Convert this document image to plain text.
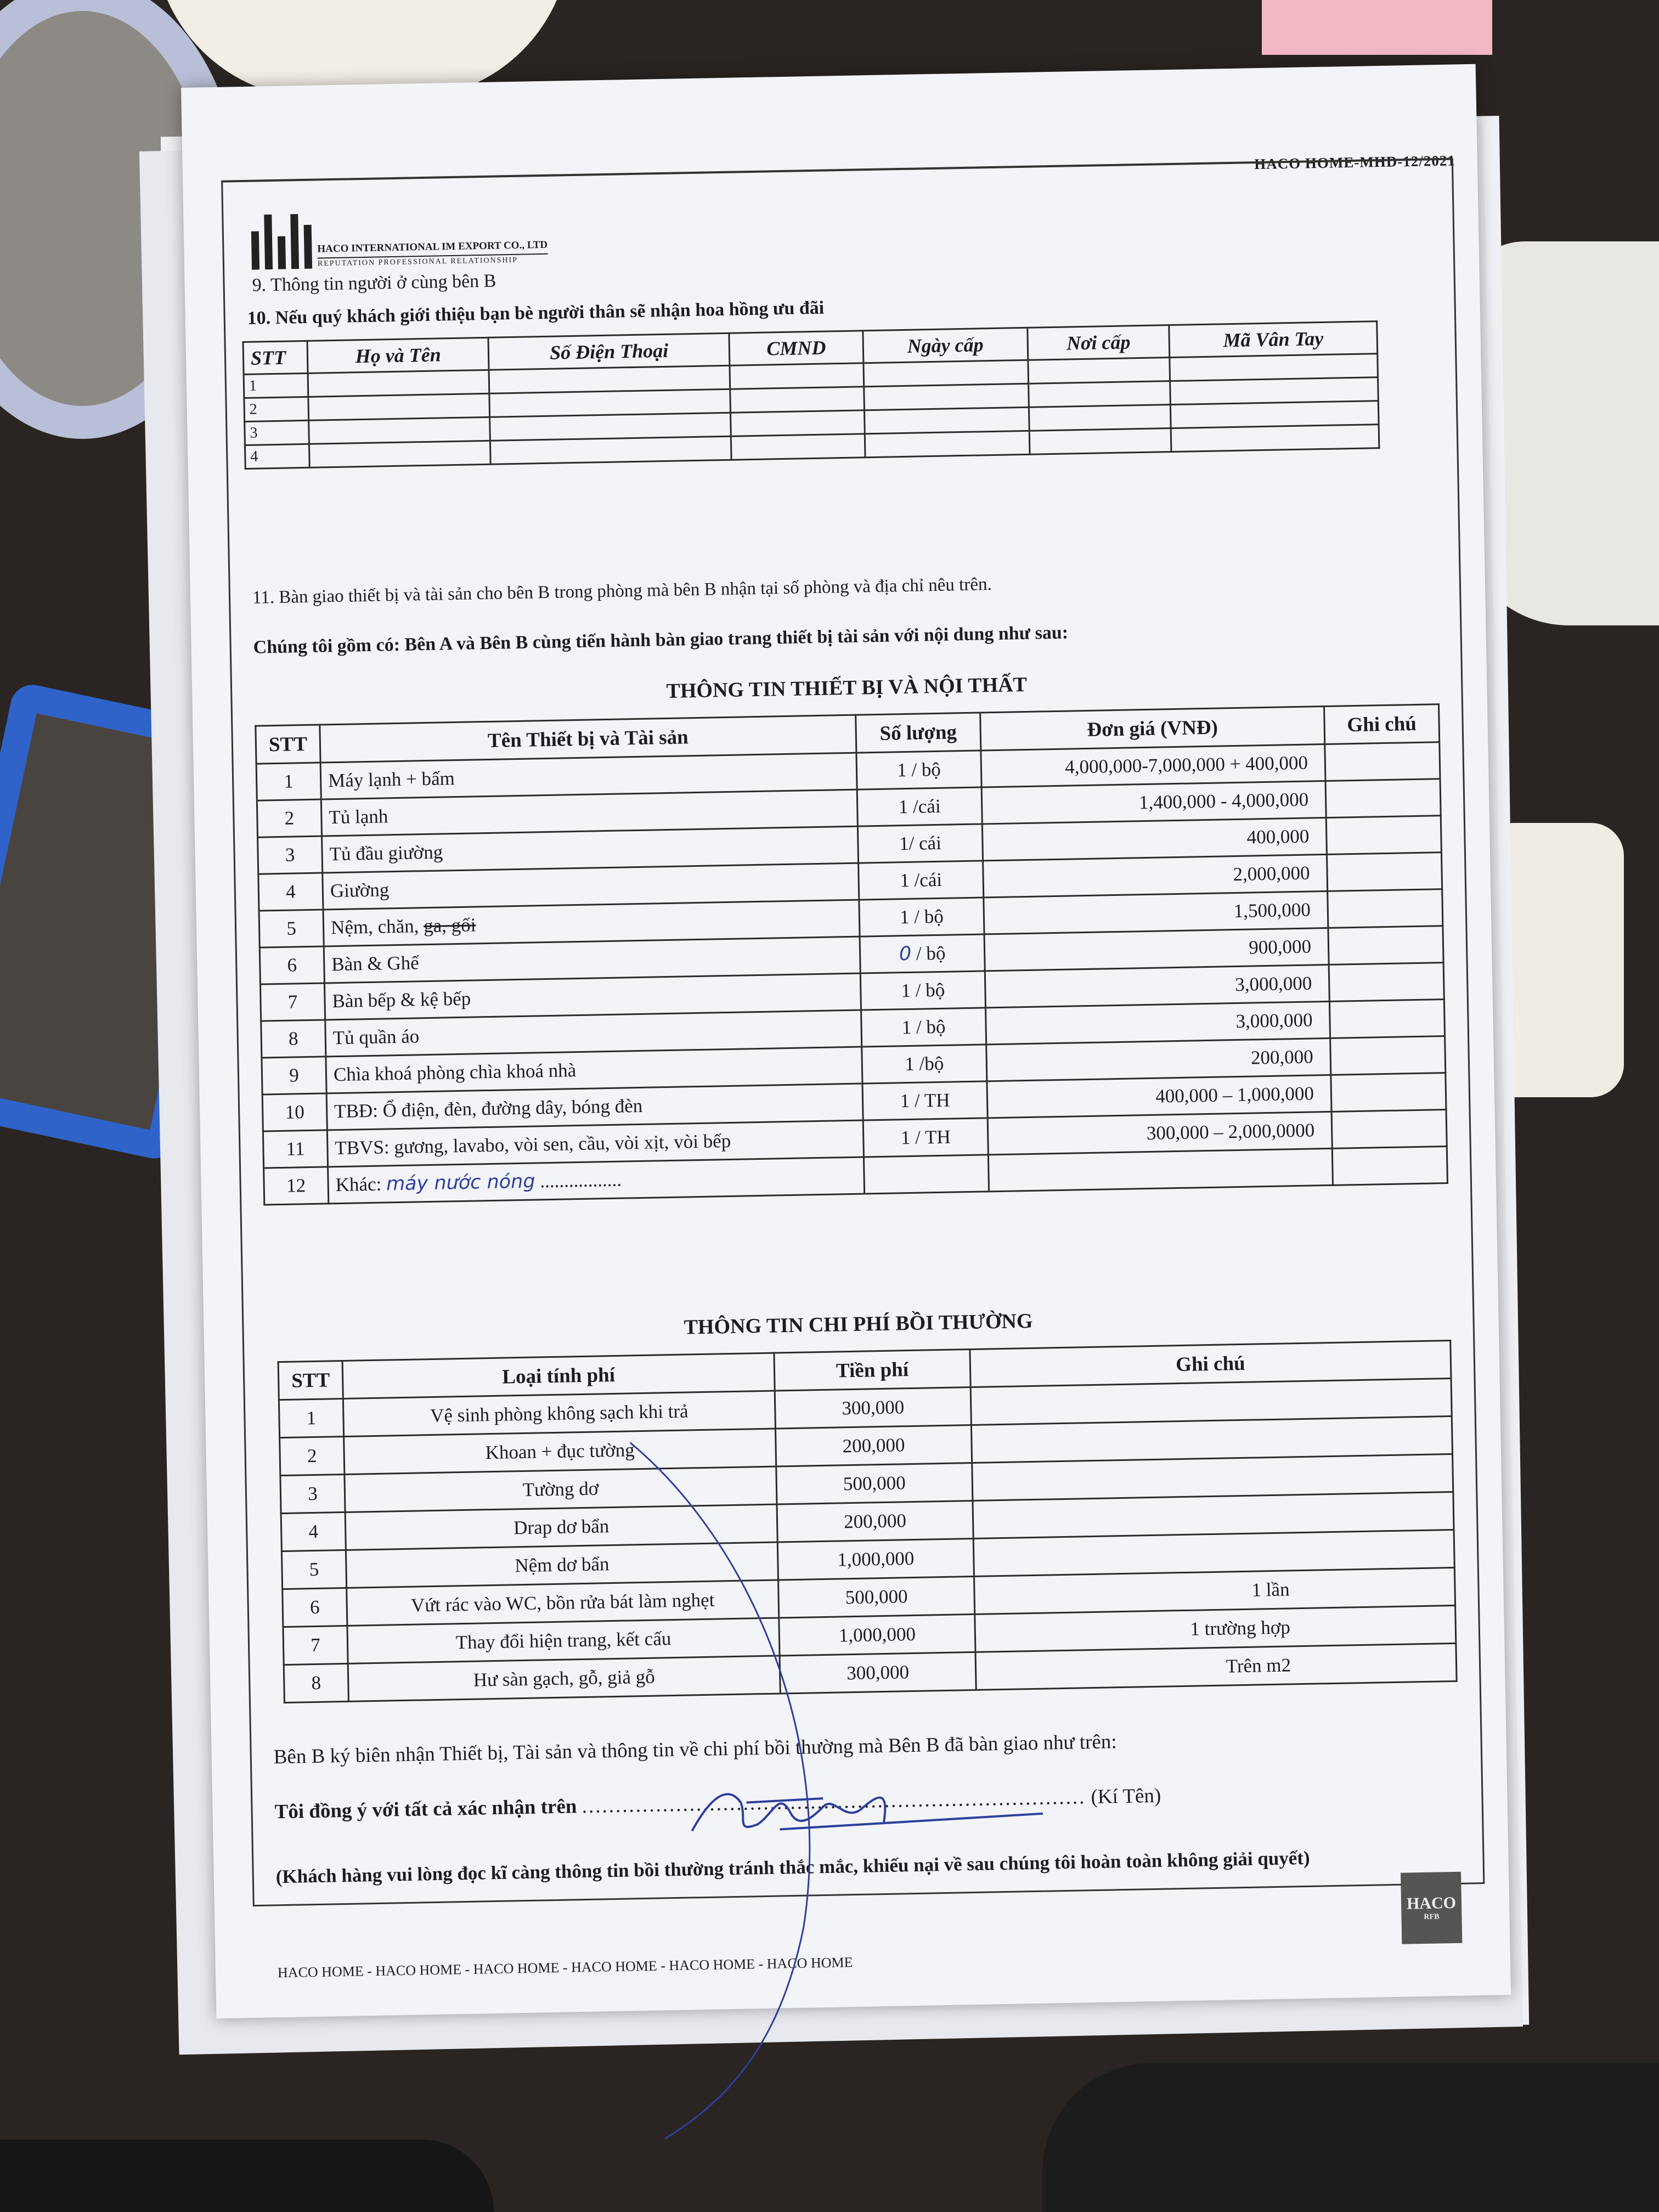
HACO HOME-MHD-12/2021
HACO INTERNATIONAL IM EXPORT CO., LTD
REPUTATION PROFESSIONAL RELATIONSHIP
9. Thông tin người ở cùng bên B
10. Nếu quý khách giới thiệu bạn bè người thân sẽ nhận hoa hồng ưu đãi
STT	Họ và Tên	Số Điện Thoại	CMND	Ngày cấp	Nơi cấp	Mã Vân Tay
1						
2						
3						
4						
11. Bàn giao thiết bị và tài sản cho bên B trong phòng mà bên B nhận tại số phòng và địa chỉ nêu trên.
Chúng tôi gồm có: Bên A và Bên B cùng tiến hành bàn giao trang thiết bị tài sản với nội dung như sau:
THÔNG TIN THIẾT BỊ VÀ NỘI THẤT
STT	Tên Thiết bị và Tài sản	Số lượng	Đơn giá (VNĐ)	Ghi chú
1	Máy lạnh + bấm	1 / bộ	4,000,000-7,000,000 + 400,000	
2	Tủ lạnh	1 /cái	1,400,000 - 4,000,000	
3	Tủ đầu giường	1/ cái	400,000	
4	Giường	1 /cái	2,000,000	
5	Nệm, chăn, ga, gối	1 / bộ	1,500,000	
6	Bàn & Ghế	0 / bộ	900,000	
7	Bàn bếp & kệ bếp	1 / bộ	3,000,000	
8	Tủ quần áo	1 / bộ	3,000,000	
9	Chìa khoá phòng chìa khoá nhà	1 /bộ	200,000	
10	TBĐ: Ổ điện, đèn, đường dây, bóng đèn	1 / TH	400,000 – 1,000,000	
11	TBVS: gương, lavabo, vòi sen, cầu, vòi xịt, vòi bếp	1 / TH	300,000 – 2,000,0000	
12	Khác: máy nước nóng .................			
THÔNG TIN CHI PHÍ BỒI THƯỜNG
STT	Loại tính phí	Tiền phí	Ghi chú
1	Vệ sinh phòng không sạch khi trả	300,000	
2	Khoan + đục tường	200,000	
3	Tường dơ	500,000	
4	Drap dơ bẩn	200,000	
5	Nệm dơ bẩn	1,000,000	
6	Vứt rác vào WC, bồn rửa bát làm nghẹt	500,000	1 lần
7	Thay đổi hiện trang, kết cấu	1,000,000	1 trường hợp
8	Hư sàn gạch, gỗ, giả gỗ	300,000	Trên m2
Bên B ký biên nhận Thiết bị, Tài sản và thông tin về chi phí bồi thường mà Bên B đã bàn giao như trên:
Tôi đồng ý với tất cả xác nhận trên ........................................................................... (Kí Tên)
(Khách hàng vui lòng đọc kĩ càng thông tin bồi thường tránh thắc mắc, khiếu nại về sau chúng tôi hoàn toàn không giải quyết)
HACO
RFB
HACO HOME - HACO HOME - HACO HOME - HACO HOME - HACO HOME - HACO HOME
